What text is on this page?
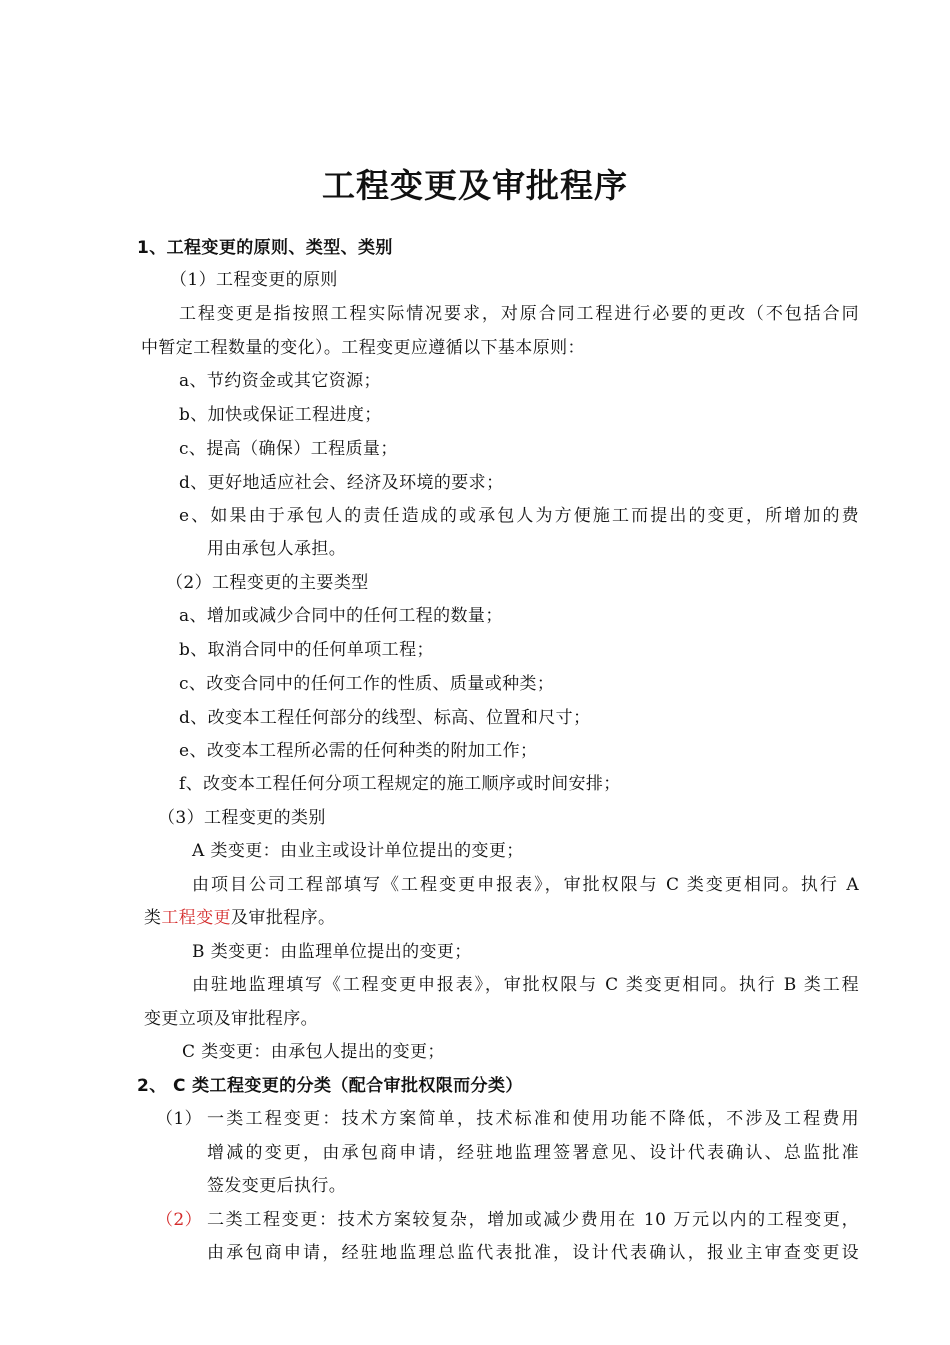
工程变更及审批程序
1、工程变更的原则、类型、类别
（1）工程变更的原则
工程变更是指按照工程实际情况要求，对原合同工程进行必要的更改（不包括合同
中暂定工程数量的变化）。工程变更应遵循以下基本原则：
a、节约资金或其它资源；
b、加快或保证工程进度；
c、提高（确保）工程质量；
d、更好地适应社会、经济及环境的要求；
e、如果由于承包人的责任造成的或承包人为方便施工而提出的变更，所增加的费
用由承包人承担。
（2）工程变更的主要类型
a、增加或减少合同中的任何工程的数量；
b、取消合同中的任何单项工程；
c、改变合同中的任何工作的性质、质量或种类；
d、改变本工程任何部分的线型、标高、位置和尺寸；
e、改变本工程所必需的任何种类的附加工作；
f、改变本工程任何分项工程规定的施工顺序或时间安排；
（3）工程变更的类别
A 类变更：由业主或设计单位提出的变更；
由项目公司工程部填写《工程变更申报表》，审批权限与 C 类变更相同。执行 A
类工程变更及审批程序。
B 类变更：由监理单位提出的变更；
由驻地监理填写《工程变更申报表》，审批权限与 C 类变更相同。执行 B 类工程
变更立项及审批程序。
C 类变更：由承包人提出的变更；
2、 C 类工程变更的分类（配合审批权限而分类）
（1） 一类工程变更：技术方案简单，技术标准和使用功能不降低，不涉及工程费用
增减的变更，由承包商申请，经驻地监理签署意见、设计代表确认、总监批准
签发变更后执行。
（2） 二类工程变更：技术方案较复杂，增加或减少费用在 10 万元以内的工程变更，
由承包商申请，经驻地监理总监代表批准，设计代表确认，报业主审查变更设
